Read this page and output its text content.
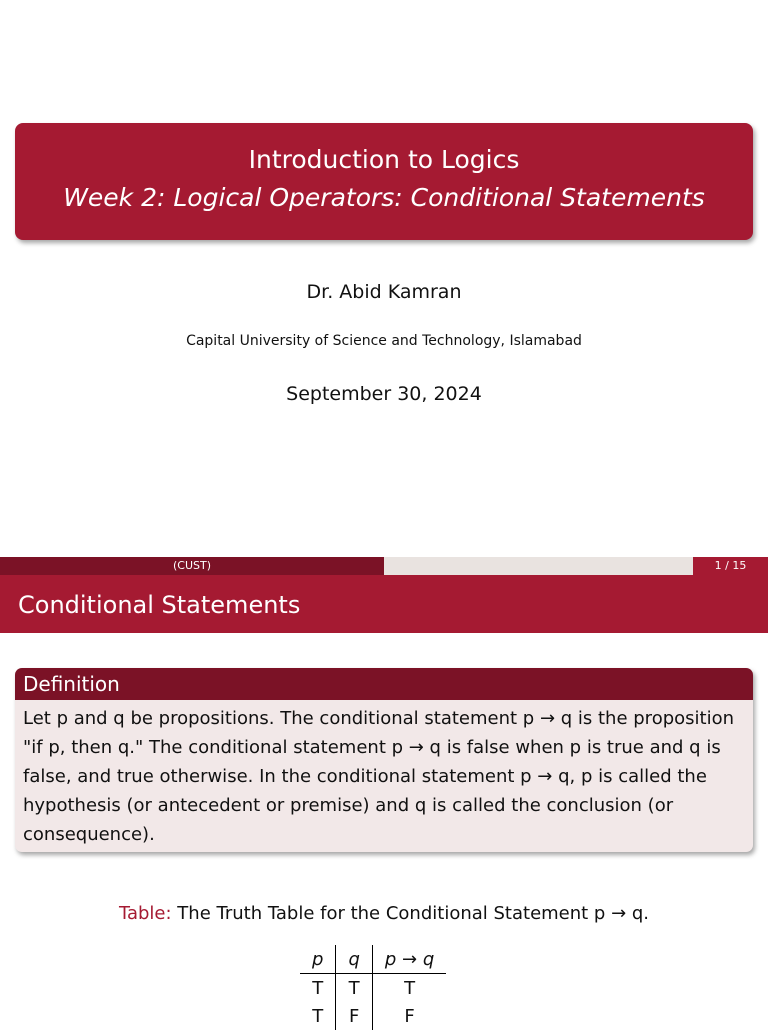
Introduction to Logics
Week 2: Logical Operators: Conditional Statements
Dr. Abid Kamran
Capital University of Science and Technology, Islamabad
September 30, 2024
(CUST)	1 / 15
Conditional Statements
Definition
Let p and q be propositions. The conditional statement p → q is the proposition "if p, then q." The conditional statement p → q is false when p is true and q is false, and true otherwise. In the conditional statement p → q, p is called the hypothesis (or antecedent or premise) and q is called the conclusion (or consequence).
Table: The Truth Table for the Conditional Statement p → q.
p	q	p → q
T	T	T
T	F	F
